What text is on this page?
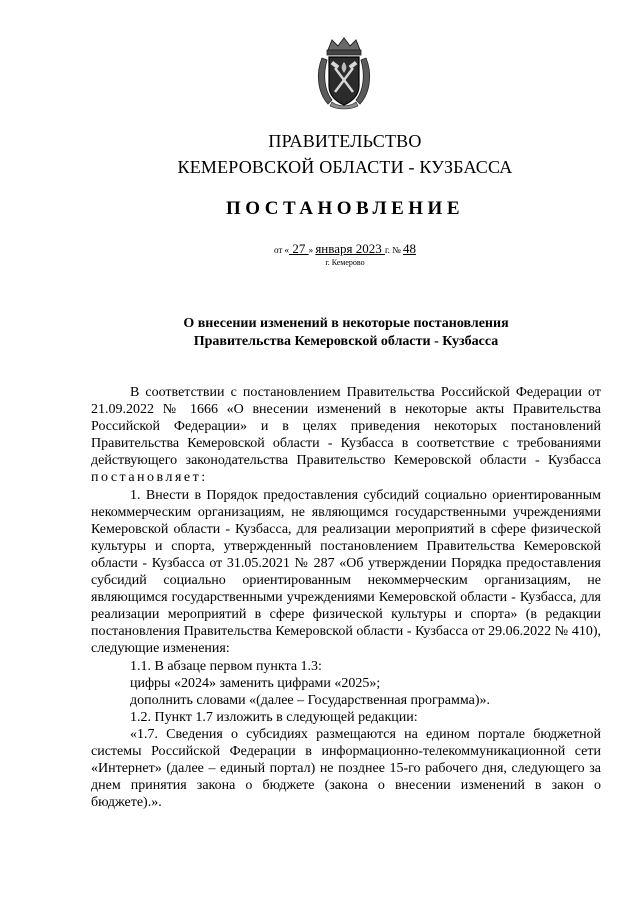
ПРАВИТЕЛЬСТВО
КЕМЕРОВСКОЙ ОБЛАСТИ - КУЗБАССА
ПОСТАНОВЛЕНИЕ
от « 27 » января 2023 г. № 48
г. Кемерово
О внесении изменений в некоторые постановления
Правительства Кемеровской области - Кузбасса

В соответствии с постановлением Правительства Российской Федерации от 21.09.2022 № 1666 «О внесении изменений в некоторые акты Правительства Российской Федерации» и в целях приведения некоторых постановлений Правительства Кемеровской области - Кузбасса в соответствие с требованиями действующего законодательства Правительство Кемеровской области - Кузбасса постановляет:

1. Внести в Порядок предоставления субсидий социально ориентированным некоммерческим организациям, не являющимся государственными учреждениями Кемеровской области - Кузбасса, для реализации мероприятий в сфере физической культуры и спорта, утвержденный постановлением Правительства Кемеровской области - Кузбасса от 31.05.2021 № 287 «Об утверждении Порядка предоставления субсидий социально ориентированным некоммерческим организациям, не являющимся государственными учреждениями Кемеровской области - Кузбасса, для реализации мероприятий в сфере физической культуры и спорта» (в редакции постановления Правительства Кемеровской области - Кузбасса от 29.06.2022 № 410), следующие изменения:

1.1. В абзаце первом пункта 1.3:

цифры «2024» заменить цифрами «2025»;

дополнить словами «(далее – Государственная программа)».

1.2. Пункт 1.7 изложить в следующей редакции:

«1.7. Сведения о субсидиях размещаются на едином портале бюджетной системы Российской Федерации в информационно-телекоммуникационной сети «Интернет» (далее – единый портал) не позднее 15-го рабочего дня, следующего за днем принятия закона о бюджете (закона о внесении изменений в закон о бюджете).».
